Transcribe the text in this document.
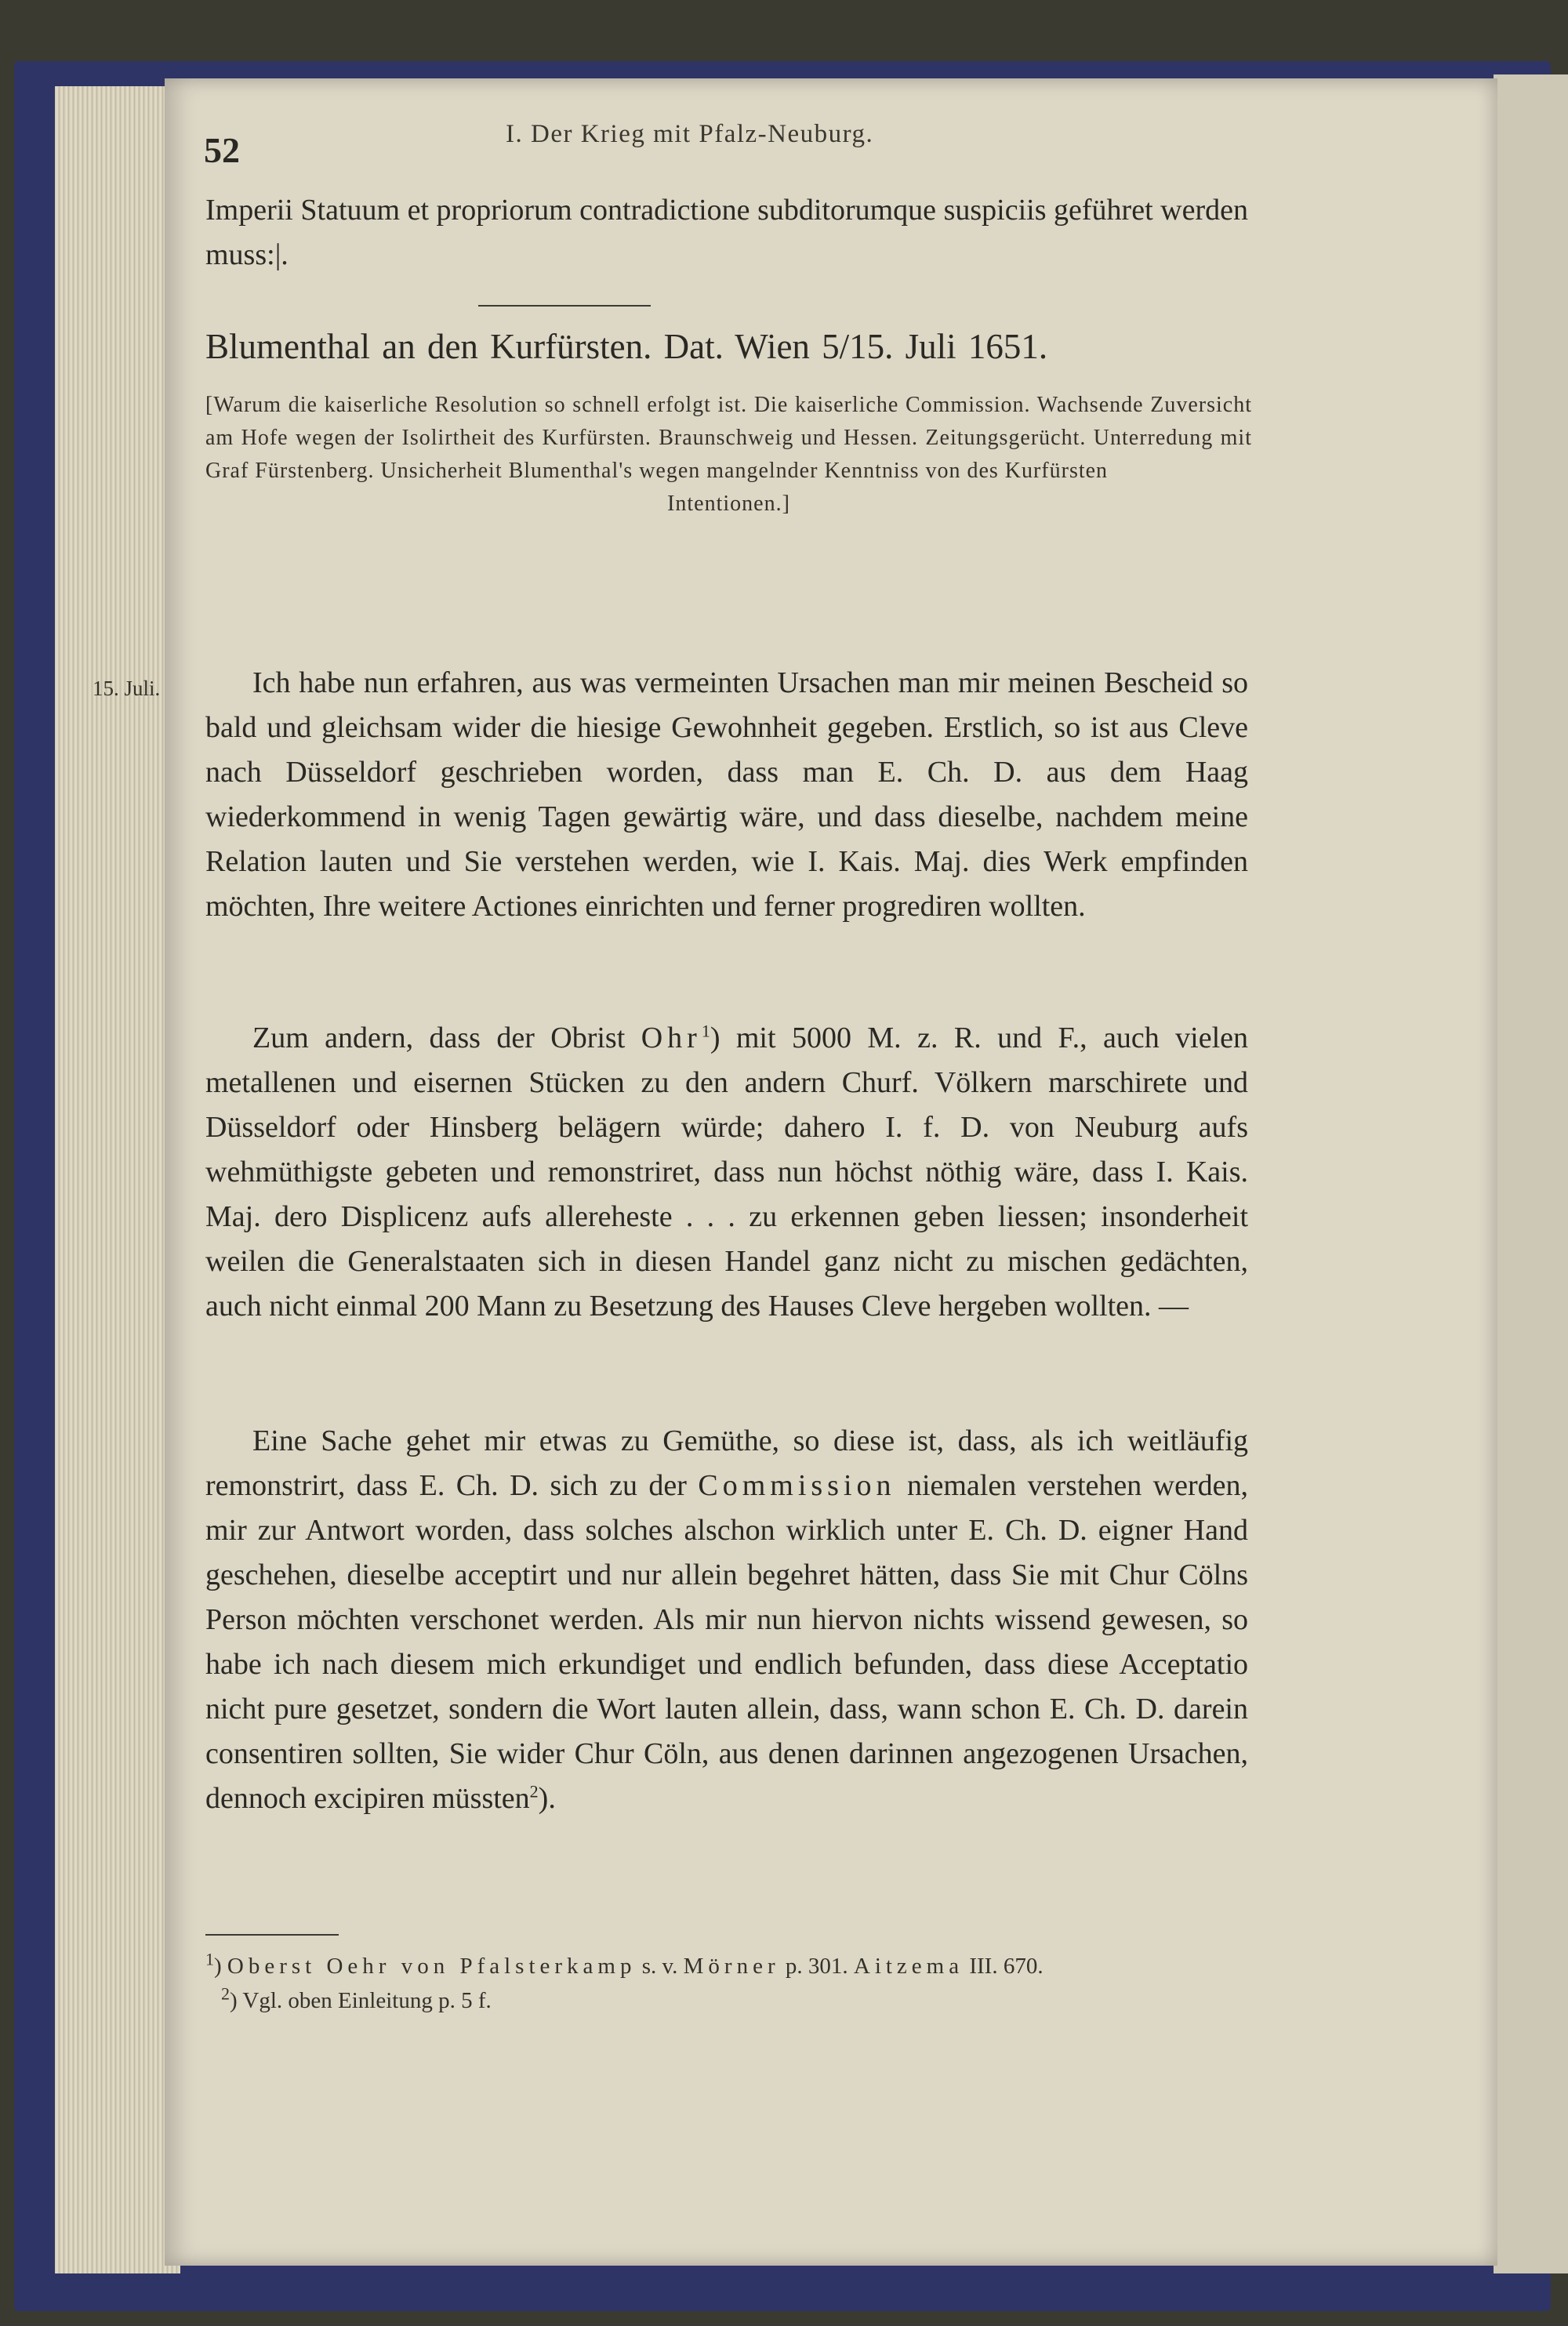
52	I. Der Krieg mit Pfalz-Neuburg.

Imperii Statuum et propriorum contradictione subditorumque suspiciis geführet werden muss:|.

Blumenthal an den Kurfürsten. Dat. Wien 5/15. Juli 1651.

[Warum die kaiserliche Resolution so schnell erfolgt ist. Die kaiserliche Commission. Wachsende Zuversicht am Hofe wegen der Isolirtheit des Kurfürsten. Braunschweig und Hessen. Zeitungsgerücht. Unterredung mit Graf Fürstenberg. Unsicherheit Blumenthal's wegen mangelnder Kenntniss von des Kurfürsten
Intentionen.]

15. Juli.	Ich habe nun erfahren, aus was vermeinten Ursachen man mir meinen Bescheid so bald und gleichsam wider die hiesige Gewohnheit gegeben. Erstlich, so ist aus Cleve nach Düsseldorf geschrieben worden, dass man E. Ch. D. aus dem Haag wiederkommend in wenig Tagen gewärtig wäre, und dass dieselbe, nachdem meine Relation lauten und Sie verstehen werden, wie I. Kais. Maj. dies Werk empfinden möchten, Ihre weitere Actiones einrichten und ferner progrediren wollten.

Zum andern, dass der Obrist Ohr$^1$) mit 5000 M. z. R. und F., auch vielen metallenen und eisernen Stücken zu den andern Churf. Völkern marschirete und Düsseldorf oder Hinsberg belägern würde; dahero I. f. D. von Neuburg aufs wehmüthigste gebeten und remonstriret, dass nun höchst nöthig wäre, dass I. Kais. Maj. dero Displicenz aufs allereheste . . . zu erkennen geben liessen; insonderheit weilen die Generalstaaten sich in diesen Handel ganz nicht zu mischen gedächten, auch nicht einmal 200 Mann zu Besetzung des Hauses Cleve hergeben wollten. —

Eine Sache gehet mir etwas zu Gemüthe, so diese ist, dass, als ich weitläufig remonstrirt, dass E. Ch. D. sich zu der Commission niemalen verstehen werden, mir zur Antwort worden, dass solches alschon wirklich unter E. Ch. D. eigner Hand geschehen, dieselbe acceptirt und nur allein begehret hätten, dass Sie mit Chur Cölns Person möchten verschonet werden. Als mir nun hiervon nichts wissend gewesen, so habe ich nach diesem mich erkundiget und endlich befunden, dass diese Acceptatio nicht pure gesetzet, sondern die Wort lauten allein, dass, wann schon E. Ch. D. darein consentiren sollten, Sie wider Chur Cöln, aus denen darinnen angezogenen Ursachen, dennoch excipiren müssten$^2$).

$^1$) Oberst Oehr von Pfalsterkamp s. v. Mörner p. 301. Aitzema III. 670.

$^2$) Vgl. oben Einleitung p. 5 f.
